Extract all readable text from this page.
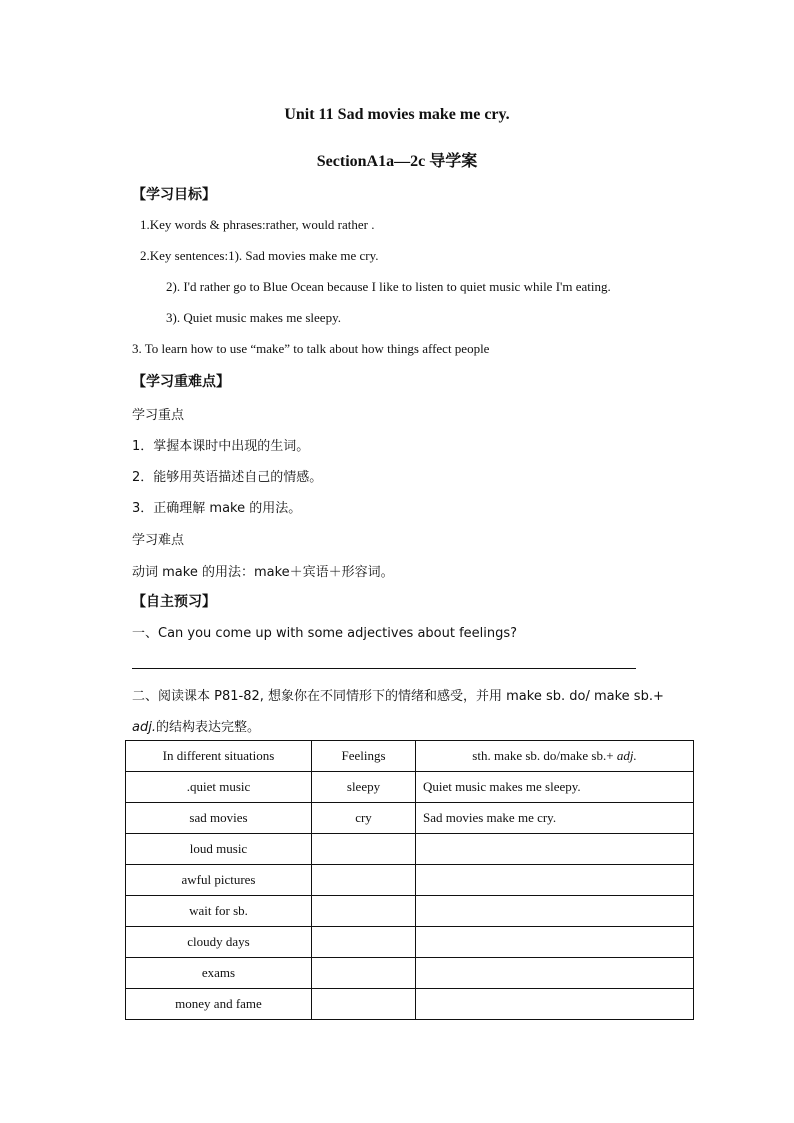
Unit 11 Sad movies make me cry.
SectionA1a—2c 导学案
【学习目标】
1.Key words & phrases:rather, would rather .
2.Key sentences:1). Sad movies make me cry.
2). I'd rather go to Blue Ocean because I like to listen to quiet music while I'm eating.
3). Quiet music makes me sleepy.
3. To learn how to use “make” to talk about how things affect people
【学习重难点】
学习重点
1．掌握本课时中出现的生词。
2．能够用英语描述自己的情感。
3．正确理解 make 的用法。
学习难点
动词 make 的用法：make＋宾语＋形容词。
【自主预习】
一、Can you come up with some adjectives about feelings?
二、阅读课本 P81-82, 想象你在不同情形下的情绪和感受，并用 make sb. do/ make sb.+
adj.的结构表达完整。
In different situations	Feelings	sth. make sb. do/make sb.+ adj.
.quiet music	sleepy	Quiet music makes me sleepy.
sad movies	cry	Sad movies make me cry.
loud music		
awful pictures		
wait for sb.		
cloudy days		
exams		
money and fame		
